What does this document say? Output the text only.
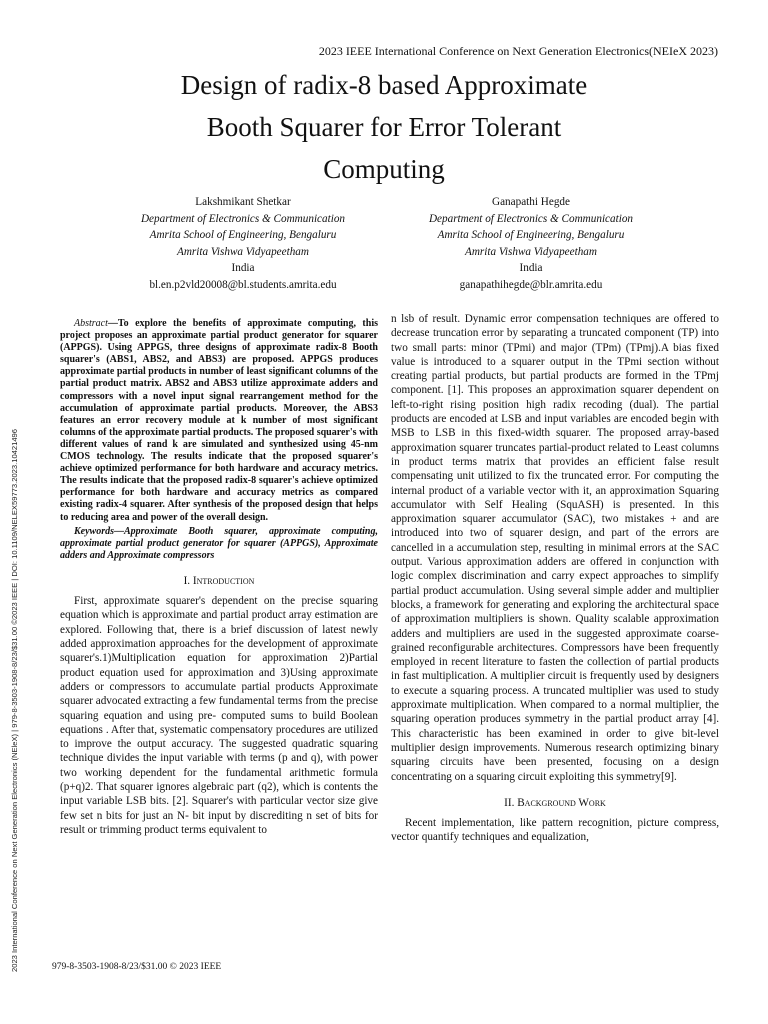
2023 IEEE International Conference on Next Generation Electronics(NEIeX 2023)
Design of radix-8 based Approximate
Booth Squarer for Error Tolerant
Computing
Lakshmikant Shetkar
Department of Electronics & Communication
Amrita School of Engineering, Bengaluru
Amrita Vishwa Vidyapeetham
India
bl.en.p2vld20008@bl.students.amrita.edu
Ganapathi Hegde
Department of Electronics & Communication
Amrita School of Engineering, Bengaluru
Amrita Vishwa Vidyapeetham
India
ganapathihegde@blr.amrita.edu
2023 International Conference on Next Generation Electronics (NEleX) | 979-8-3503-1908-8/23/$31.00 ©2023 IEEE | DOI: 10.1109/NELEX59773.2023.10421496

Abstract—To explore the benefits of approximate computing, this project proposes an approximate partial product generator for squarer (APPGS). Using APPGS, three designs of approximate radix-8 Booth squarer's (ABS1, ABS2, and ABS3) are proposed. APPGS produces approximate partial products in number of least significant columns of the partial product matrix. ABS2 and ABS3 utilize approximate adders and compressors with a novel input signal rearrangement method for the accumulation of approximate partial products. Moreover, the ABS3 features an error recovery module at k number of most significant columns of the approximate partial products. The proposed squarer's with different values of rand k are simulated and synthesized using 45-nm CMOS technology. The results indicate that the proposed squarer's achieve optimized performance for both hardware and accuracy metrics. The results indicate that the proposed radix-8 squarer's achieve optimized performance for both hardware and accuracy metrics as compared existing radix-4 squarer. After synthesis of the proposed design that helps to reducing area and power of the overall design.

Keywords—Approximate Booth squarer, approximate computing, approximate partial product generator for squarer (APPGS), Approximate adders and Approximate compressors

I. Introduction

First, approximate squarer's dependent on the precise squaring equation which is approximate and partial product array estimation are explored. Following that, there is a brief discussion of latest newly added approximation approaches for the development of approximate squarer's.1)Multiplication equation for approximation 2)Partial product equation used for approximation and 3)Using approximate adders or compressors to accumulate partial products Approximate squarer advocated extracting a few fundamental terms from the precise squaring equation and using pre- computed sums to build Boolean equations . After that, systematic compensatory procedures are utilized to improve the output accuracy. The suggested quadratic squaring technique divides the input variable with terms (p and q), with power two working dependent for the fundamental arithmetic formula (p+q)2. That squarer ignores algebraic part (q2), which is contents the input variable LSB bits. [2]. Squarer's with particular vector size give few set n bits for just an N- bit input by discrediting n set of bits for result or trimming product terms equivalent to

n lsb of result. Dynamic error compensation techniques are offered to decrease truncation error by separating a truncated component (TP) into two small parts: minor (TPmi) and major (TPm) (TPmj).A bias fixed value is introduced to a squarer output in the TPmi section without creating partial products, but partial products are formed in the TPmj component. [1]. This proposes an approximation squarer dependent on left-to-right rising position high radix recoding (dual). The partial products are encoded at LSB and input variables are encoded begin with MSB to LSB in this fixed-width squarer. The proposed array-based approximation squarer truncates partial-product related to Least columns in product terms matrix that provides an efficient false result compensating unit utilized to fix the truncated error. For computing the internal product of a variable vector with it, an approximation Squaring accumulator with Self Healing (SquASH) is presented. In this approximation squarer accumulator (SAC), two mistakes + and are introduced into two of squarer design, and part of the errors are cancelled in a accumulation step, resulting in minimal errors at the SAC output. Various approximation adders are offered in conjunction with logic complex discrimination and carry expect approaches to simplify partial product accumulation. Using several simple adder and multiplier blocks, a framework for generating and exploring the architectural space of approximation multipliers is shown. Quality scalable approximation adders and multipliers are used in the suggested approximate coarse-grained reconfigurable architectures. Compressors have been frequently employed in recent literature to fasten the collection of partial products in fast multiplication. A multiplier circuit is frequently used by designers to execute a squaring process. A truncated multiplier was used to study approximate multiplication. When compared to a normal multiplier, the squaring operation produces symmetry in the partial product array [4]. This characteristic has been examined in order to give bit-level multiplier design improvements. Numerous research optimizing binary squaring circuits have been presented, focusing on a design concentrating on a squaring circuit exploiting this symmetry[9].

II. Background Work

Recent implementation, like pattern recognition, picture compress, vector quantify techniques and equalization,

979-8-3503-1908-8/23/$31.00 © 2023 IEEE
